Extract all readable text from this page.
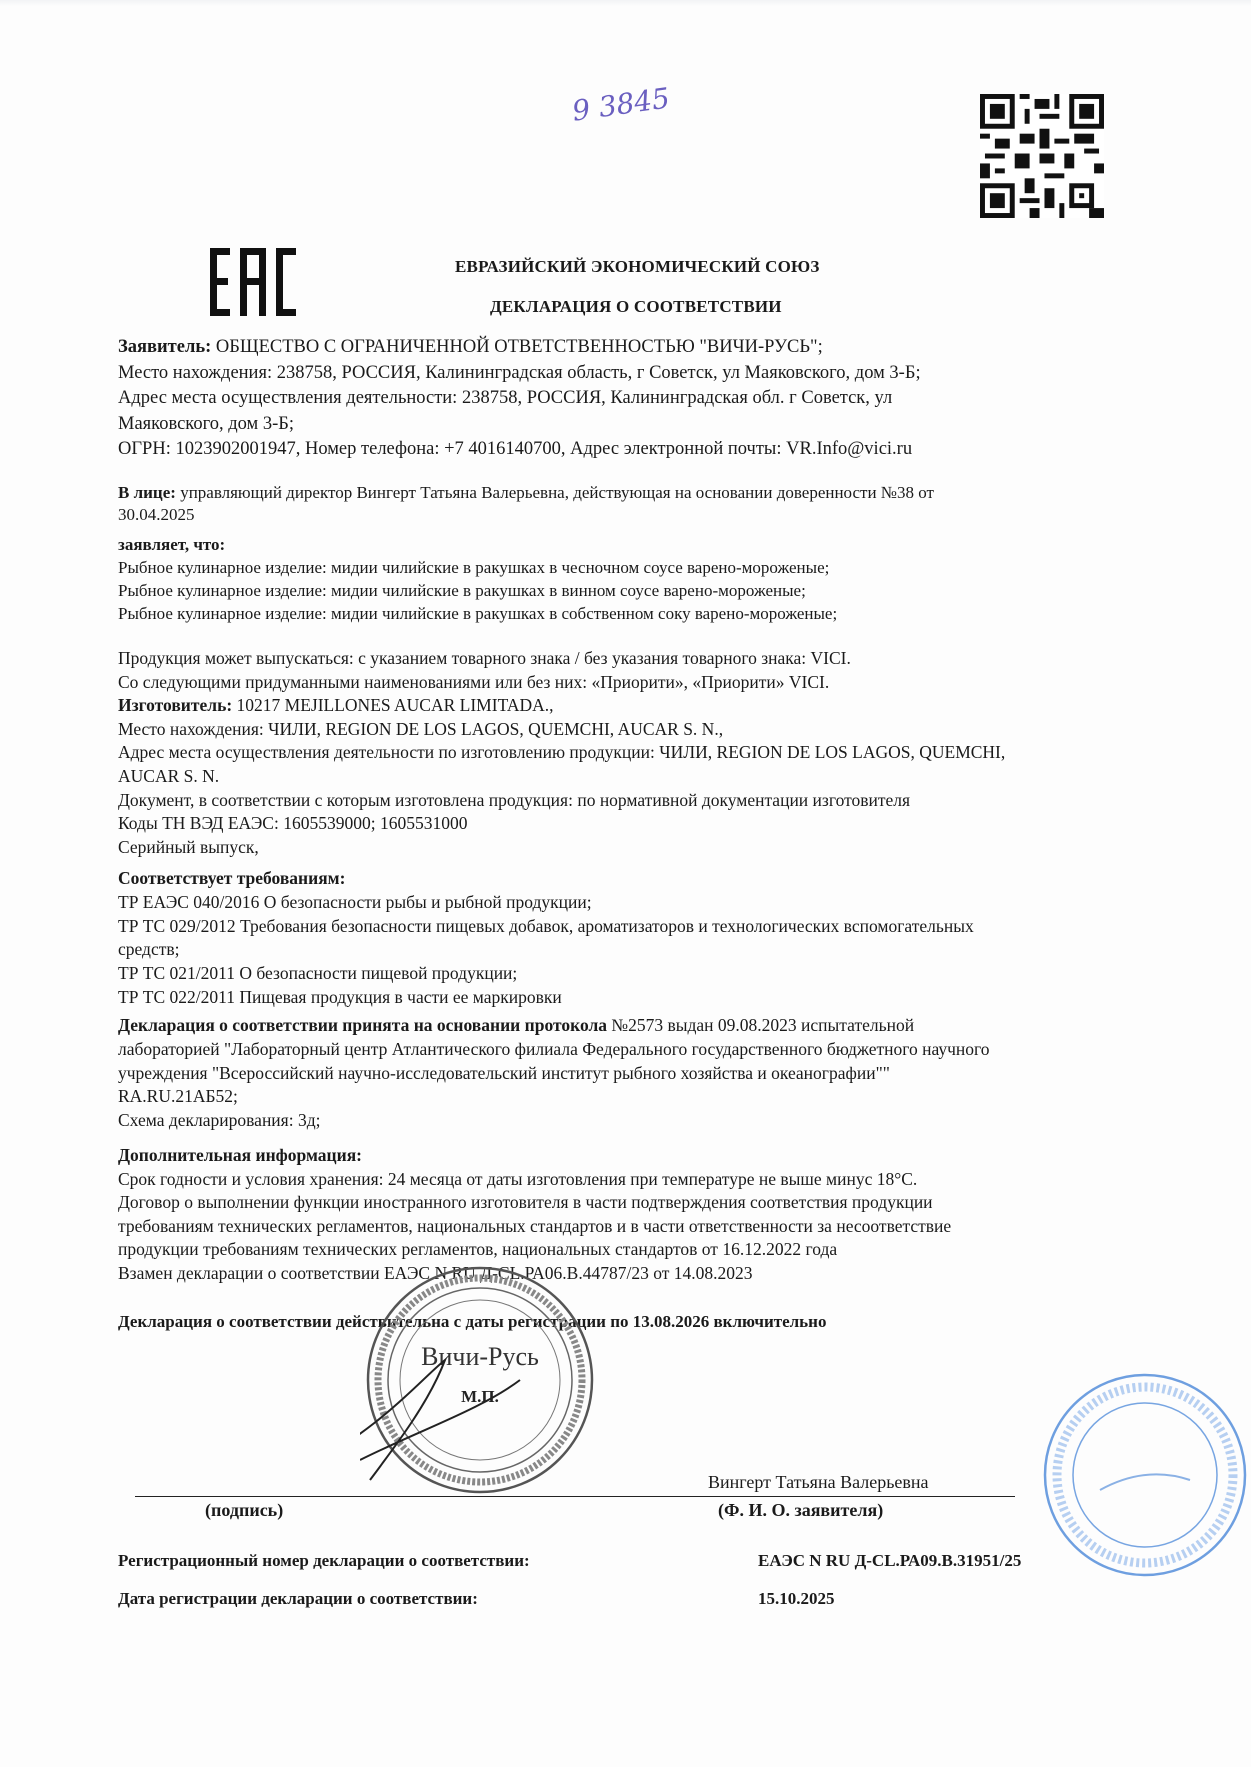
9 3845
ЕВРАЗИЙСКИЙ ЭКОНОМИЧЕСКИЙ СОЮЗ
ДЕКЛАРАЦИЯ О СООТВЕТСТВИИ
Заявитель: ОБЩЕСТВО С ОГРАНИЧЕННОЙ ОТВЕТСТВЕННОСТЬЮ "ВИЧИ-РУСЬ";
Место нахождения: 238758, РОССИЯ, Калининградская область, г Советск, ул Маяковского, дом 3-Б;
Адрес места осуществления деятельности: 238758, РОССИЯ, Калининградская обл. г Советск, ул
Маяковского, дом 3-Б;
ОГРН: 1023902001947, Номер телефона: +7 4016140700, Адрес электронной почты: VR.Info@vici.ru
В лице: управляющий директор Вингерт Татьяна Валерьевна, действующая на основании доверенности №38 от
30.04.2025
заявляет, что:
Рыбное кулинарное изделие: мидии чилийские в ракушках в чесночном соусе варено-мороженые;
Рыбное кулинарное изделие: мидии чилийские в ракушках в винном соусе варено-мороженые;
Рыбное кулинарное изделие: мидии чилийские в ракушках в собственном соку варено-мороженые;
Продукция может выпускаться: с указанием товарного знака / без указания товарного знака: VICI.
Со следующими придуманными наименованиями или без них: «Приорити», «Приорити» VICI.
Изготовитель: 10217 MEJILLONES AUCAR LIMITADA.,
Место нахождения: ЧИЛИ, REGION DE LOS LAGOS, QUEMCHI, AUCAR S. N.,
Адрес места осуществления деятельности по изготовлению продукции: ЧИЛИ, REGION DE LOS LAGOS, QUEMCHI,
AUCAR S. N.
Документ, в соответствии с которым изготовлена продукция: по нормативной документации изготовителя
Коды ТН ВЭД ЕАЭС: 1605539000; 1605531000
Серийный выпуск,
Соответствует требованиям:
ТР ЕАЭС 040/2016 О безопасности рыбы и рыбной продукции;
ТР ТС 029/2012 Требования безопасности пищевых добавок, ароматизаторов и технологических вспомогательных
средств;
ТР ТС 021/2011 О безопасности пищевой продукции;
ТР ТС 022/2011 Пищевая продукция в части ее маркировки
Декларация о соответствии принята на основании протокола №2573 выдан 09.08.2023 испытательной
лабораторией "Лабораторный центр Атлантического филиала Федерального государственного бюджетного научного
учреждения "Всероссийский научно-исследовательский институт рыбного хозяйства и океанографии""
RA.RU.21АБ52;
Схема декларирования: 3д;
Дополнительная информация:
Срок годности и условия хранения: 24 месяца от даты изготовления при температуре не выше минус 18°С.
Договор о выполнении функции иностранного изготовителя в части подтверждения соответствия продукции
требованиям технических регламентов, национальных стандартов и в части ответственности за несоответствие
продукции требованиям технических регламентов, национальных стандартов от 16.12.2022 года
Взамен декларации о соответствии ЕАЭС N RU Д-CL.РА06.В.44787/23 от 14.08.2023
Декларация о соответствии действительна с даты регистрации по 13.08.2026 включительно
Вичи-Русь
М.П.
(подпись)
Вингерт Татьяна Валерьевна
(Ф. И. О. заявителя)
Регистрационный номер декларации о соответствии:	ЕАЭС N RU Д-CL.РА09.В.31951/25
Дата регистрации декларации о соответствии:	15.10.2025
